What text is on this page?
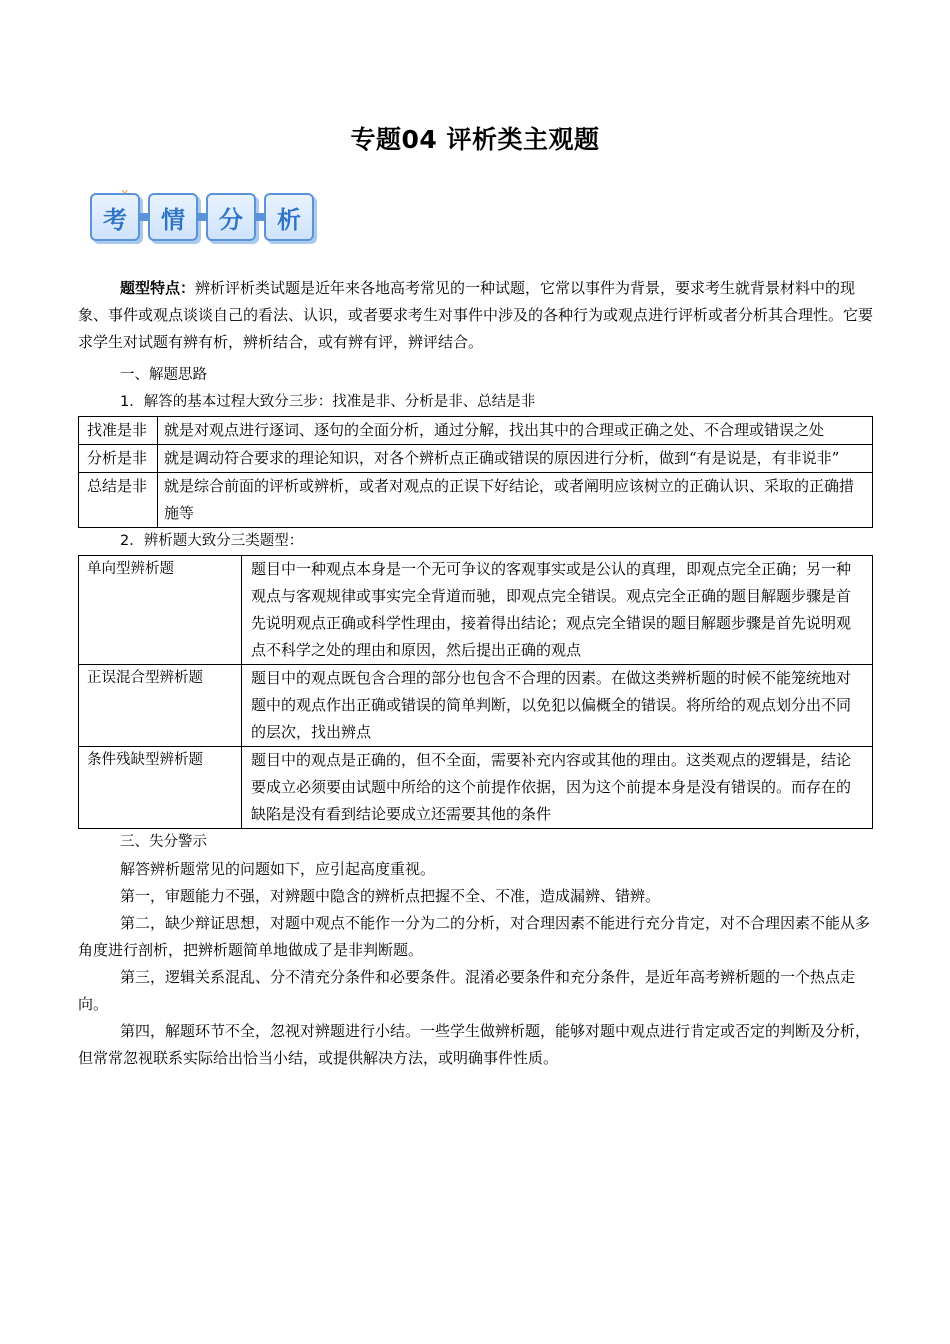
专题04 评析类主观题
考 情 分 析

题型特点：辨析评析类试题是近年来各地高考常见的一种试题，它常以事件为背景，要求考生就背景材料中的现象、事件或观点谈谈自己的看法、认识，或者要求考生对事件中涉及的各种行为或观点进行评析或者分析其合理性。它要求学生对试题有辨有析，辨析结合，或有辨有评，辨评结合。

一、解题思路

1．解答的基本过程大致分三步：找准是非、分析是非、总结是非

找准是非	就是对观点进行逐词、逐句的全面分析，通过分解，找出其中的合理或正确之处、不合理或错误之处
分析是非	就是调动符合要求的理论知识，对各个辨析点正确或错误的原因进行分析，做到“有是说是，有非说非”
总结是非	就是综合前面的评析或辨析，或者对观点的正误下好结论，或者阐明应该树立的正确认识、采取的正确措施等

2．辨析题大致分三类题型：

单向型辨析题	题目中一种观点本身是一个无可争议的客观事实或是公认的真理，即观点完全正确；另一种观点与客观规律或事实完全背道而驰，即观点完全错误。观点完全正确的题目解题步骤是首先说明观点正确或科学性理由，接着得出结论；观点完全错误的题目解题步骤是首先说明观点不科学之处的理由和原因，然后提出正确的观点
正误混合型辨析题	题目中的观点既包含合理的部分也包含不合理的因素。在做这类辨析题的时候不能笼统地对题中的观点作出正确或错误的简单判断，以免犯以偏概全的错误。将所给的观点划分出不同的层次，找出辨点
条件残缺型辨析题	题目中的观点是正确的，但不全面，需要补充内容或其他的理由。这类观点的逻辑是，结论要成立必须要由试题中所给的这个前提作依据，因为这个前提本身是没有错误的。而存在的缺陷是没有看到结论要成立还需要其他的条件

三、失分警示

解答辨析题常见的问题如下，应引起高度重视。

第一，审题能力不强，对辨题中隐含的辨析点把握不全、不准，造成漏辨、错辨。

第二，缺少辩证思想，对题中观点不能作一分为二的分析，对合理因素不能进行充分肯定，对不合理因素不能从多角度进行剖析，把辨析题简单地做成了是非判断题。

第三，逻辑关系混乱、分不清充分条件和必要条件。混淆必要条件和充分条件，是近年高考辨析题的一个热点走向。

第四，解题环节不全，忽视对辨题进行小结。一些学生做辨析题，能够对题中观点进行肯定或否定的判断及分析，但常常忽视联系实际给出恰当小结，或提供解决方法，或明确事件性质。
